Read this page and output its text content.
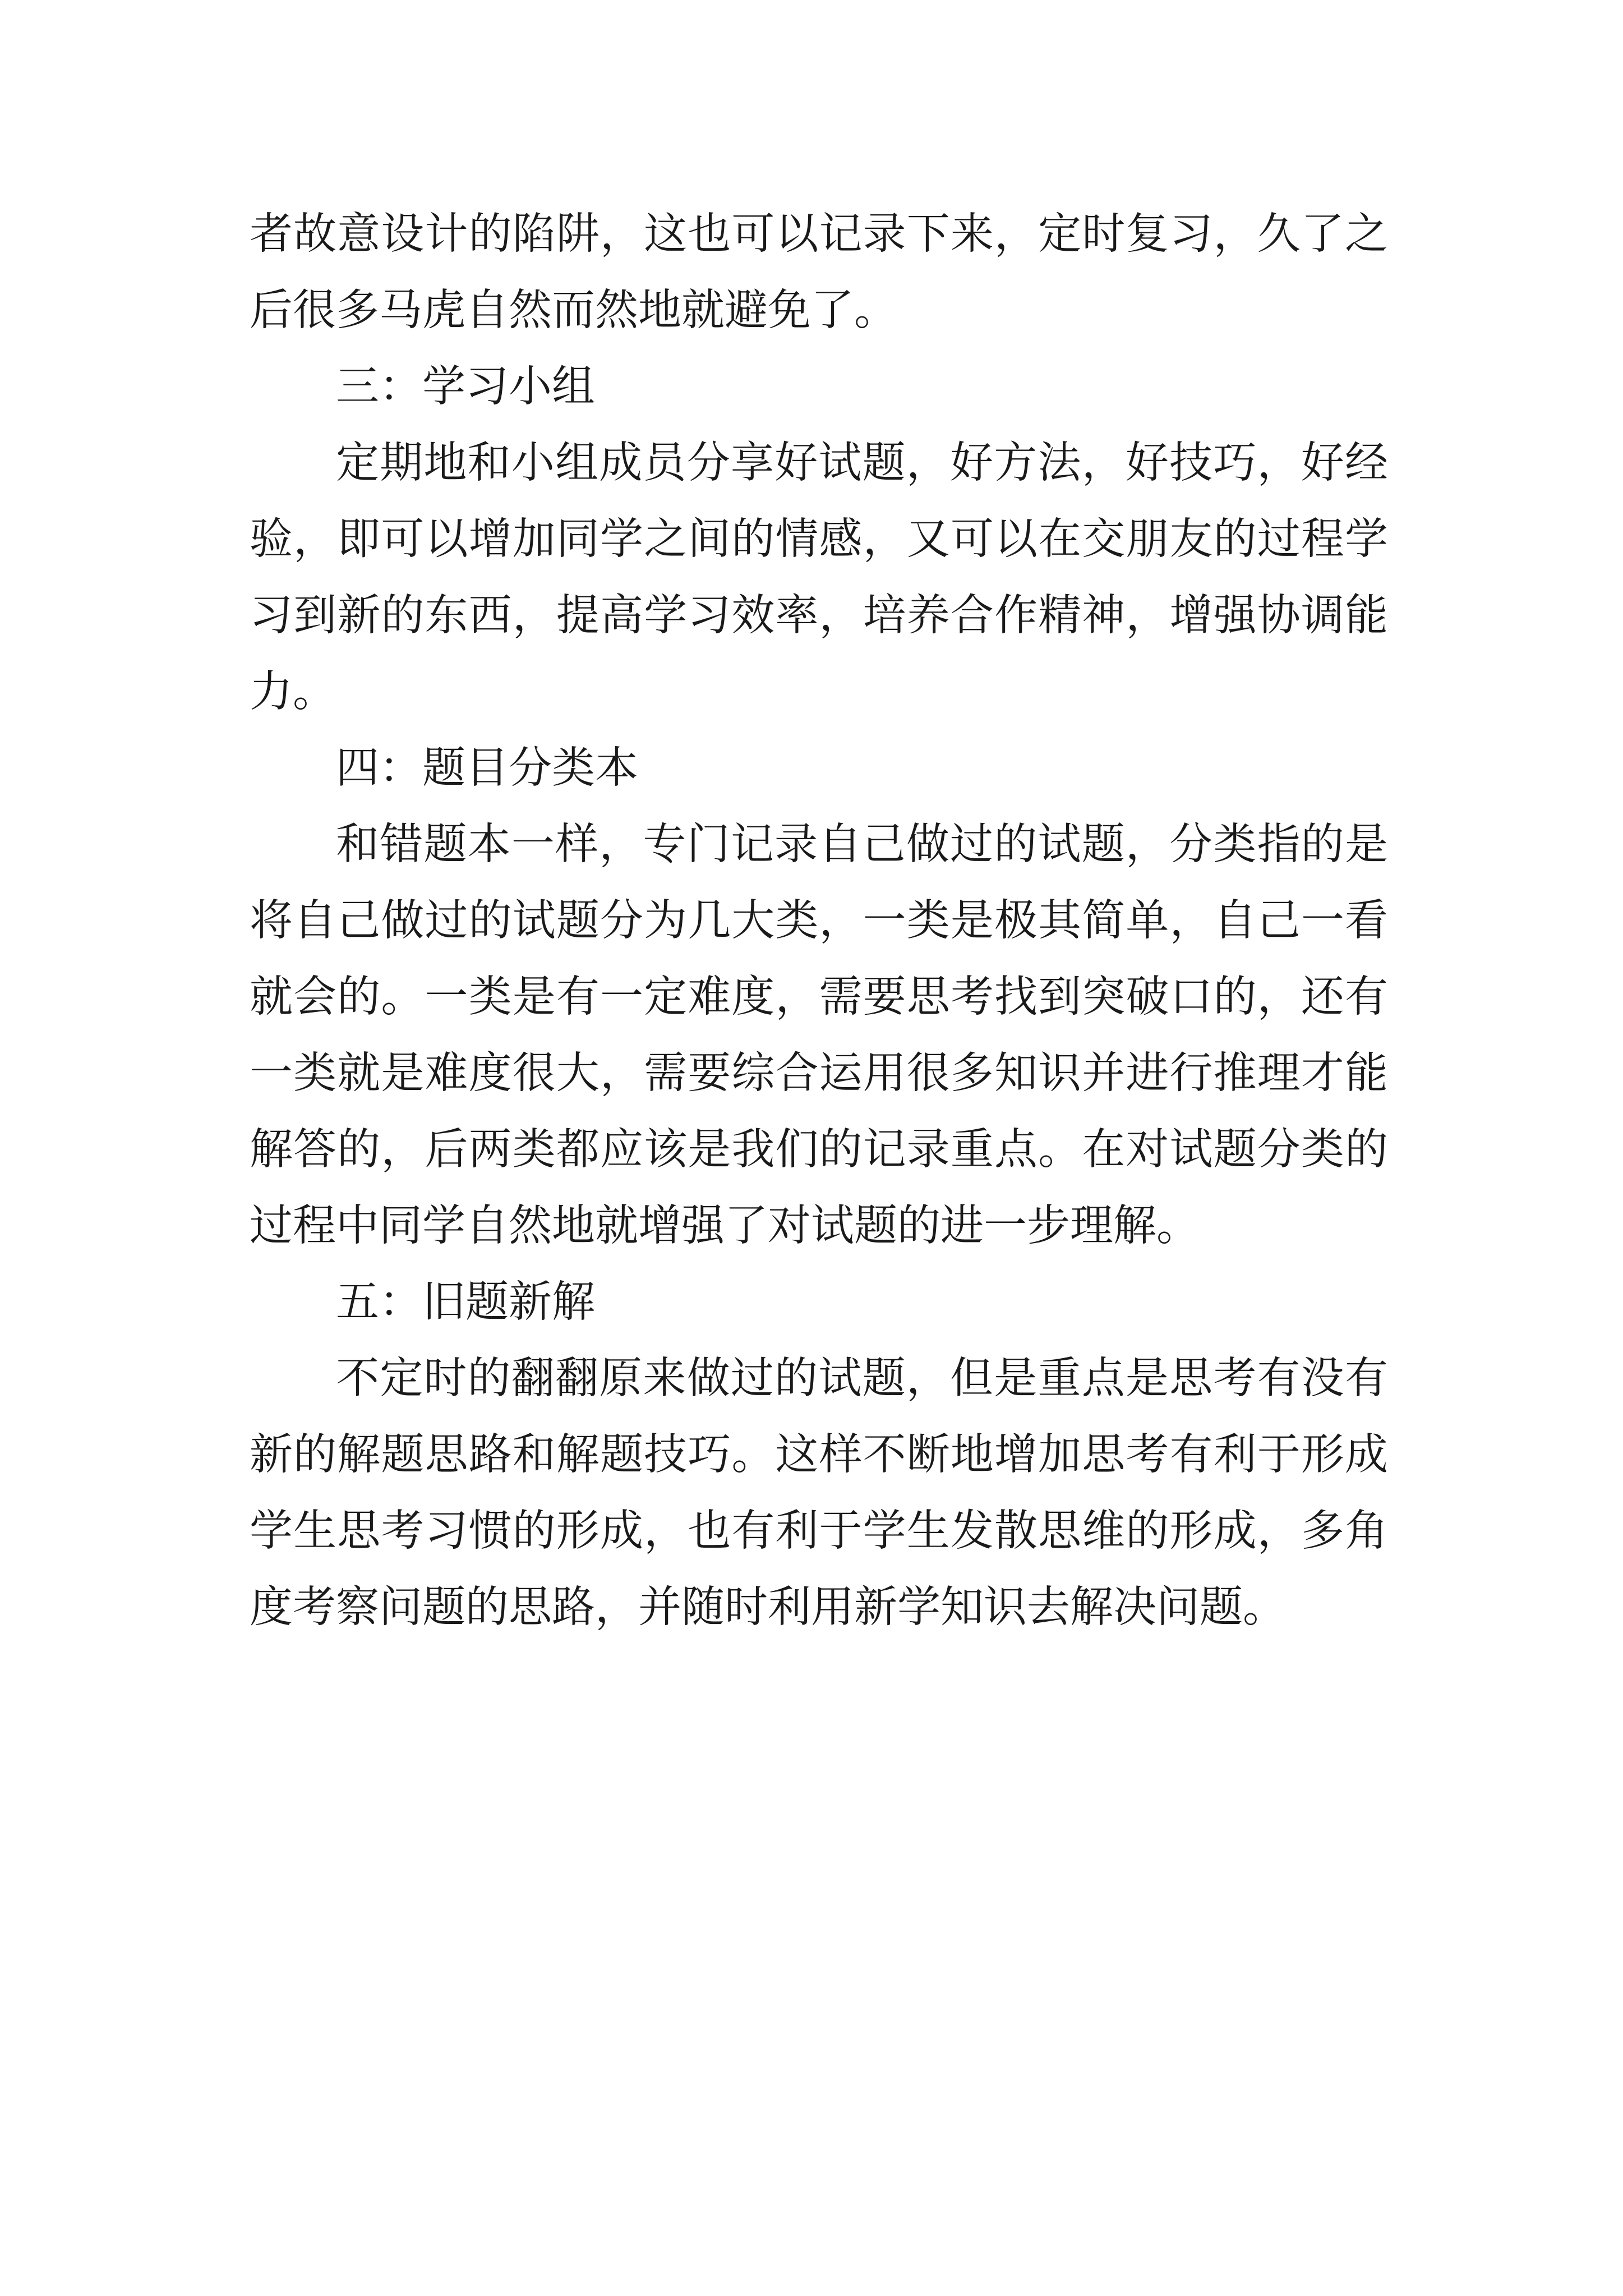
者故意设计的陷阱，这也可以记录下来，定时复习，久了之
后很多马虎自然而然地就避免了。
三：学习小组
定期地和小组成员分享好试题，好方法，好技巧，好经
验，即可以增加同学之间的情感，又可以在交朋友的过程学
习到新的东西，提高学习效率，培养合作精神，增强协调能
力。
四：题目分类本
和错题本一样，专门记录自己做过的试题，分类指的是
将自己做过的试题分为几大类，一类是极其简单，自己一看
就会的。一类是有一定难度，需要思考找到突破口的，还有
一类就是难度很大，需要综合运用很多知识并进行推理才能
解答的，后两类都应该是我们的记录重点。在对试题分类的
过程中同学自然地就增强了对试题的进一步理解。
五：旧题新解
不定时的翻翻原来做过的试题，但是重点是思考有没有
新的解题思路和解题技巧。这样不断地增加思考有利于形成
学生思考习惯的形成，也有利于学生发散思维的形成，多角
度考察问题的思路，并随时利用新学知识去解决问题。
